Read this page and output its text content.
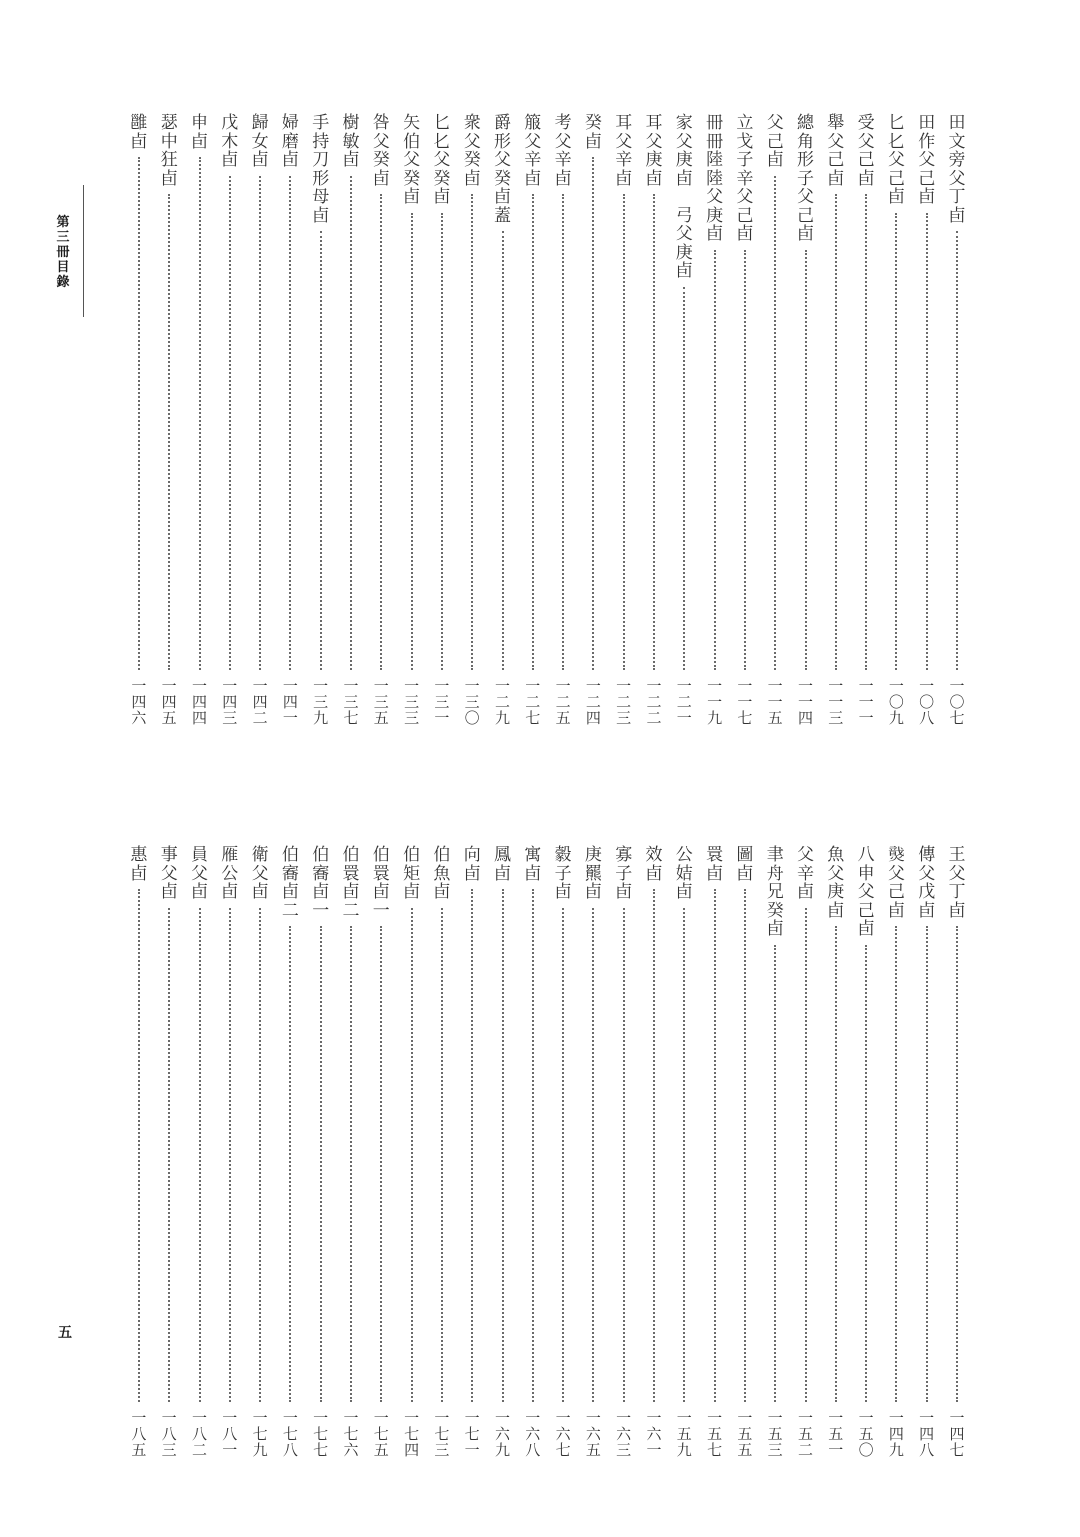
第
三
冊
目
錄
五
田
文
旁
父
丁
卣
一
〇
七
田
作
父
己
卣
一
〇
八
匕
𠤎
父
己
卣
一
〇
九
受
父
己
卣
一
一
一
舉
父
己
卣
一
一
三
總
角
形
子
父
己
卣
一
一
四
父
己
卣
一
一
五
立
戈
子
辛
父
己
卣
一
一
七
冊
冊
陸
陸
父
庚
卣
一
一
九
家
父
庚
卣

弓
父
庚
卣
一
二
一
耳
父
庚
卣
一
二
二
耳
父
辛
卣
一
二
三
癸
卣
一
二
四
考
父
辛
卣
一
二
五
箙
父
辛
卣
一
二
七
爵
形
父
癸
卣
蓋
一
二
九
衆
父
癸
卣
一
三
〇
匕
𠤎
父
癸
卣
一
三
一
矢
伯
父
癸
卣
一
三
三
咎
父
癸
卣
一
三
五
樹
敏
卣
一
三
七
手
持
刀
形
母
卣
一
三
九
婦
磨
卣
一
四
一
歸
女
卣
一
四
二
戊
木
卣
一
四
三
申
卣
一
四
四
瑟
中
狂
卣
一
四
五
雝
卣
一
四
六
王
父
丁
卣
一
四
七
傳
父
戊
卣
一
四
八
𤎷
父
己
卣
一
四
九
八
申
父
己
卣
一
五
〇
魚
父
庚
卣
一
五
一
父
辛
卣
一
五
二
聿
舟
兄
癸
卣
一
五
三
圖
卣
一
五
五
睘
卣
一
五
七
公
姞
卣
一
五
九
效
卣
一
六
一
寡
子
卣
一
六
三
庚
羆
卣
一
六
五
豰
子
卣
一
六
七
寓
卣
一
六
八
鳳
卣
一
六
九
向
卣
一
七
一
伯
魚
卣
一
七
三
伯
矩
卣
一
七
四
伯
睘
卣
一
一
七
五
伯
睘
卣
二
一
七
六
伯
㝯
卣
一
一
七
七
伯
㝯
卣
二
一
七
八
衛
父
卣
一
七
九
雁
公
卣
一
八
一
員
父
卣
一
八
二
事
父
卣
一
八
三
惠
卣
一
八
五
